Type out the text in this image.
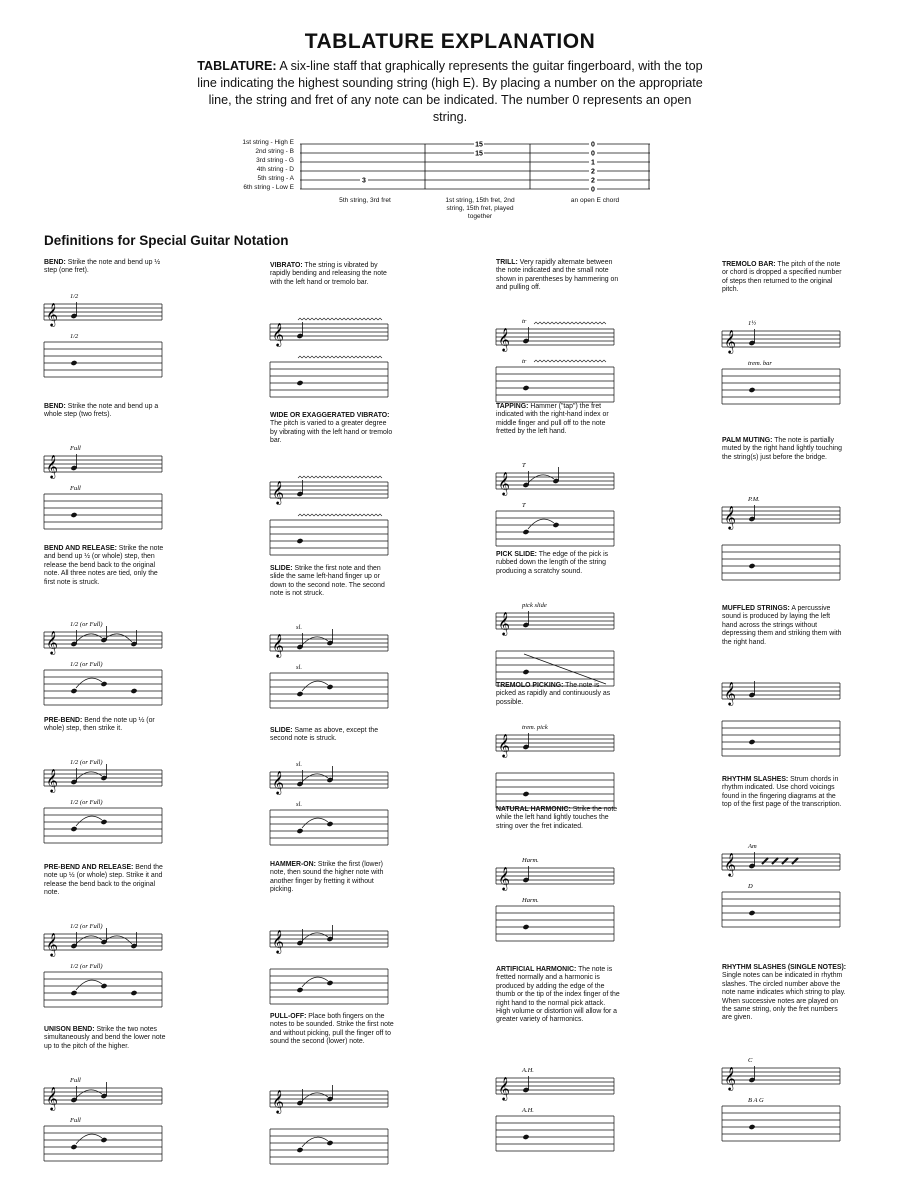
TABLATURE EXPLANATION
TABLATURE: A six-line staff that graphically represents the guitar fingerboard, with the top line indicating the highest sounding string (high E). By placing a number on the appropriate line, the string and fret of any note can be indicated. The number 0 represents an open string.
1st string - High E
2nd string - B
3rd string - G
4th string - D
5th string - A
6th string - Low E
3
15
15
0
0
1
2
2
0
5th string, 3rd fret	1st string, 15th fret, 2nd string, 15th fret, played together
an open E chord
Definitions for Special Guitar Notation
BEND: Strike the note and bend up ½ step (one fret).
𝄞
1/2
1/2
BEND: Strike the note and bend up a whole step (two frets).
𝄞
Full
Full
BEND AND RELEASE: Strike the note and bend up ½ (or whole) step, then release the bend back to the original note. All three notes are tied, only the first note is struck.
𝄞
1/2 (or Full)
1/2 (or Full)
PRE-BEND: Bend the note up ½ (or whole) step, then strike it.
𝄞
1/2 (or Full)
1/2 (or Full)
PRE-BEND AND RELEASE: Bend the note up ½ (or whole) step. Strike it and release the bend back to the original note.
𝄞
1/2 (or Full)
1/2 (or Full)
UNISON BEND: Strike the two notes simultaneously and bend the lower note up to the pitch of the higher.
𝄞
Full
Full
VIBRATO: The string is vibrated by rapidly bending and releasing the note with the left hand or tremolo bar.
𝄞
WIDE OR EXAGGERATED VIBRATO: The pitch is varied to a greater degree by vibrating with the left hand or tremolo bar.
𝄞
SLIDE: Strike the first note and then slide the same left-hand finger up or down to the second note. The second note is not struck.
𝄞
sl.
sl.
SLIDE: Same as above, except the second note is struck.
𝄞
sl.
sl.
HAMMER-ON: Strike the first (lower) note, then sound the higher note with another finger by fretting it without picking.
𝄞
PULL-OFF: Place both fingers on the notes to be sounded. Strike the first note and without picking, pull the finger off to sound the second (lower) note.
𝄞
TRILL: Very rapidly alternate between the note indicated and the small note shown in parentheses by hammering on and pulling off.
𝄞
tr
tr
TAPPING: Hammer ("tap") the fret indicated with the right-hand index or middle finger and pull off to the note fretted by the left hand.
𝄞
T
T
PICK SLIDE: The edge of the pick is rubbed down the length of the string producing a scratchy sound.
𝄞
pick slide
TREMOLO PICKING: The note is picked as rapidly and continuously as possible.
𝄞
trem. pick
NATURAL HARMONIC: Strike the note while the left hand lightly touches the string over the fret indicated.
𝄞
Harm.
Harm.
ARTIFICIAL HARMONIC: The note is fretted normally and a harmonic is produced by adding the edge of the thumb or the tip of the index finger of the right hand to the normal pick attack. High volume or distortion will allow for a greater variety of harmonics.
𝄞
A.H.
A.H.
TREMOLO BAR: The pitch of the note or chord is dropped a specified number of steps then returned to the original pitch.
𝄞
1½
trem. bar
PALM MUTING: The note is partially muted by the right hand lightly touching the string(s) just before the bridge.
𝄞
P.M.
MUFFLED STRINGS: A percussive sound is produced by laying the left hand across the strings without depressing them and striking them with the right hand.
𝄞
RHYTHM SLASHES: Strum chords in rhythm indicated. Use chord voicings found in the fingering diagrams at the top of the first page of the transcription.
𝄞
Am
D
RHYTHM SLASHES (SINGLE NOTES): Single notes can be indicated in rhythm slashes. The circled number above the note name indicates which string to play. When successive notes are played on the same string, only the fret numbers are given.
𝄞
C
B A G
